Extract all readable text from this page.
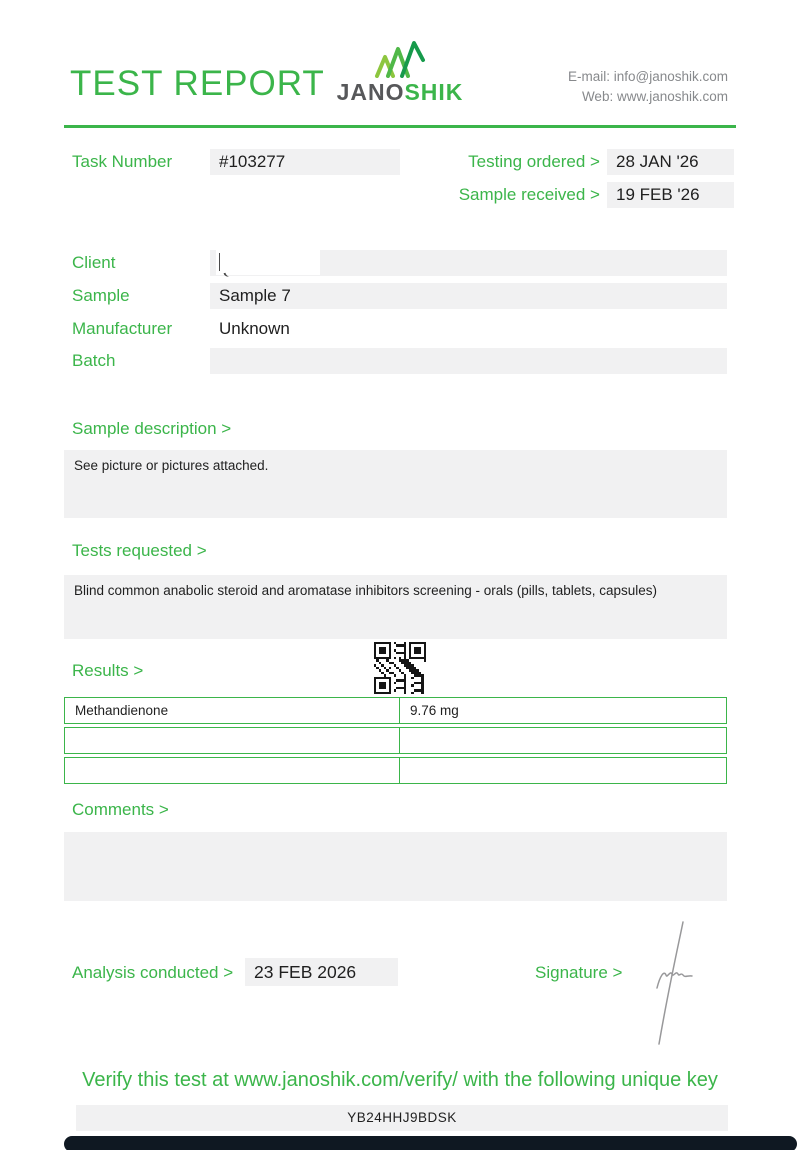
TEST REPORT JANOSHIK
E-mail: info@janoshik.com
Web: www.janoshik.com
Task Number	#103277	Testing ordered > 28 JAN '26
Sample received > 19 FEB '26
Client
Sample	Sample 7
Manufacturer	Unknown
Batch
Sample description >
See picture or pictures attached.
Tests requested >

Blind common anabolic steroid and aromatase inhibitors screening - orals (pills, tablets, capsules)

Results >
Methandienone	9.76 mg
Comments >
Analysis conducted >	23 FEB 2026	Signature >
Verify this test at www.janoshik.com/verify/ with the following unique key
YB24HHJ9BDSK
